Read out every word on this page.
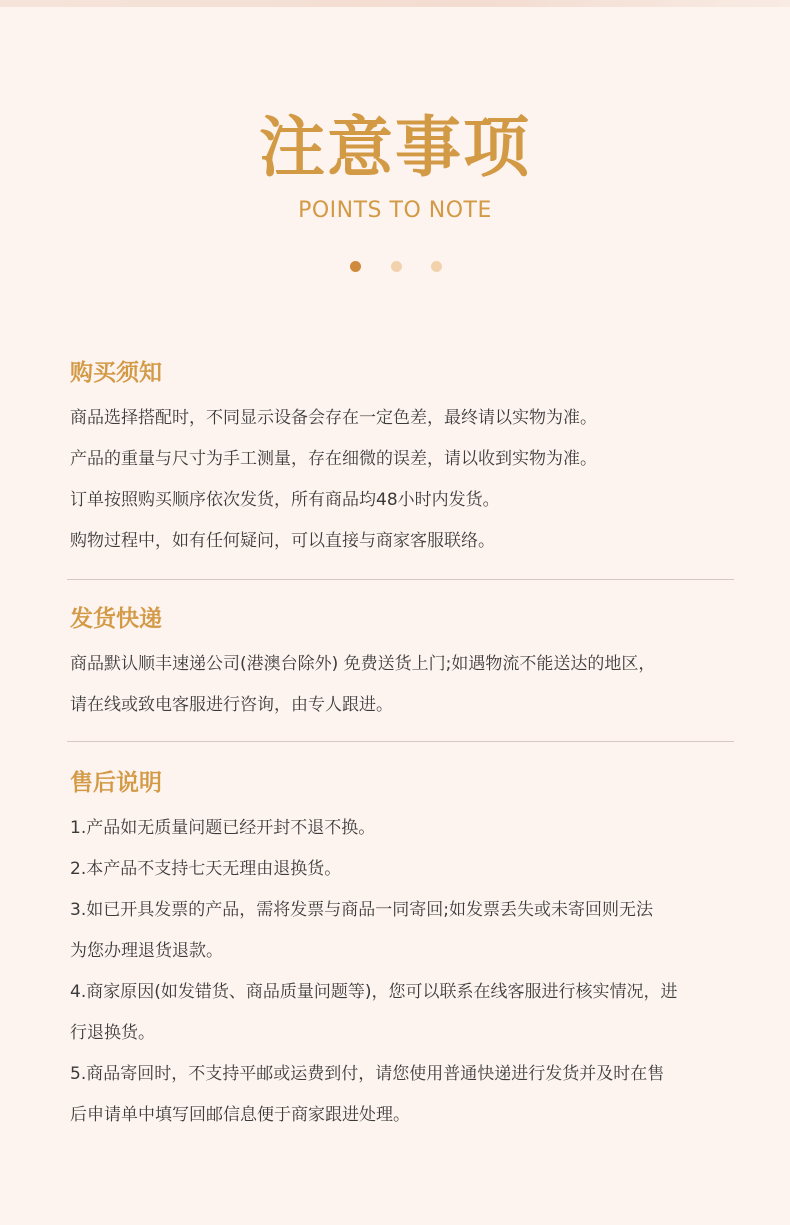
注意事项
POINTS TO NOTE
购买须知
商品选择搭配时，不同显示设备会存在一定色差，最终请以实物为准。
产品的重量与尺寸为手工测量，存在细微的误差，请以收到实物为准。
订单按照购买顺序依次发货，所有商品均48小时内发货。
购物过程中，如有任何疑问，可以直接与商家客服联络。
发货快递
商品默认顺丰速递公司(港澳台除外) 免费送货上门;如遇物流不能送达的地区，
请在线或致电客服进行咨询，由专人跟进。
售后说明
1.产品如无质量问题已经开封不退不换。
2.本产品不支持七天无理由退换货。
3.如已开具发票的产品，需将发票与商品一同寄回;如发票丢失或未寄回则无法
为您办理退货退款。
4.商家原因(如发错货、商品质量问题等)，您可以联系在线客服进行核实情况，进
行退换货。
5.商品寄回时，不支持平邮或运费到付，请您使用普通快递进行发货并及时在售
后申请单中填写回邮信息便于商家跟进处理。
